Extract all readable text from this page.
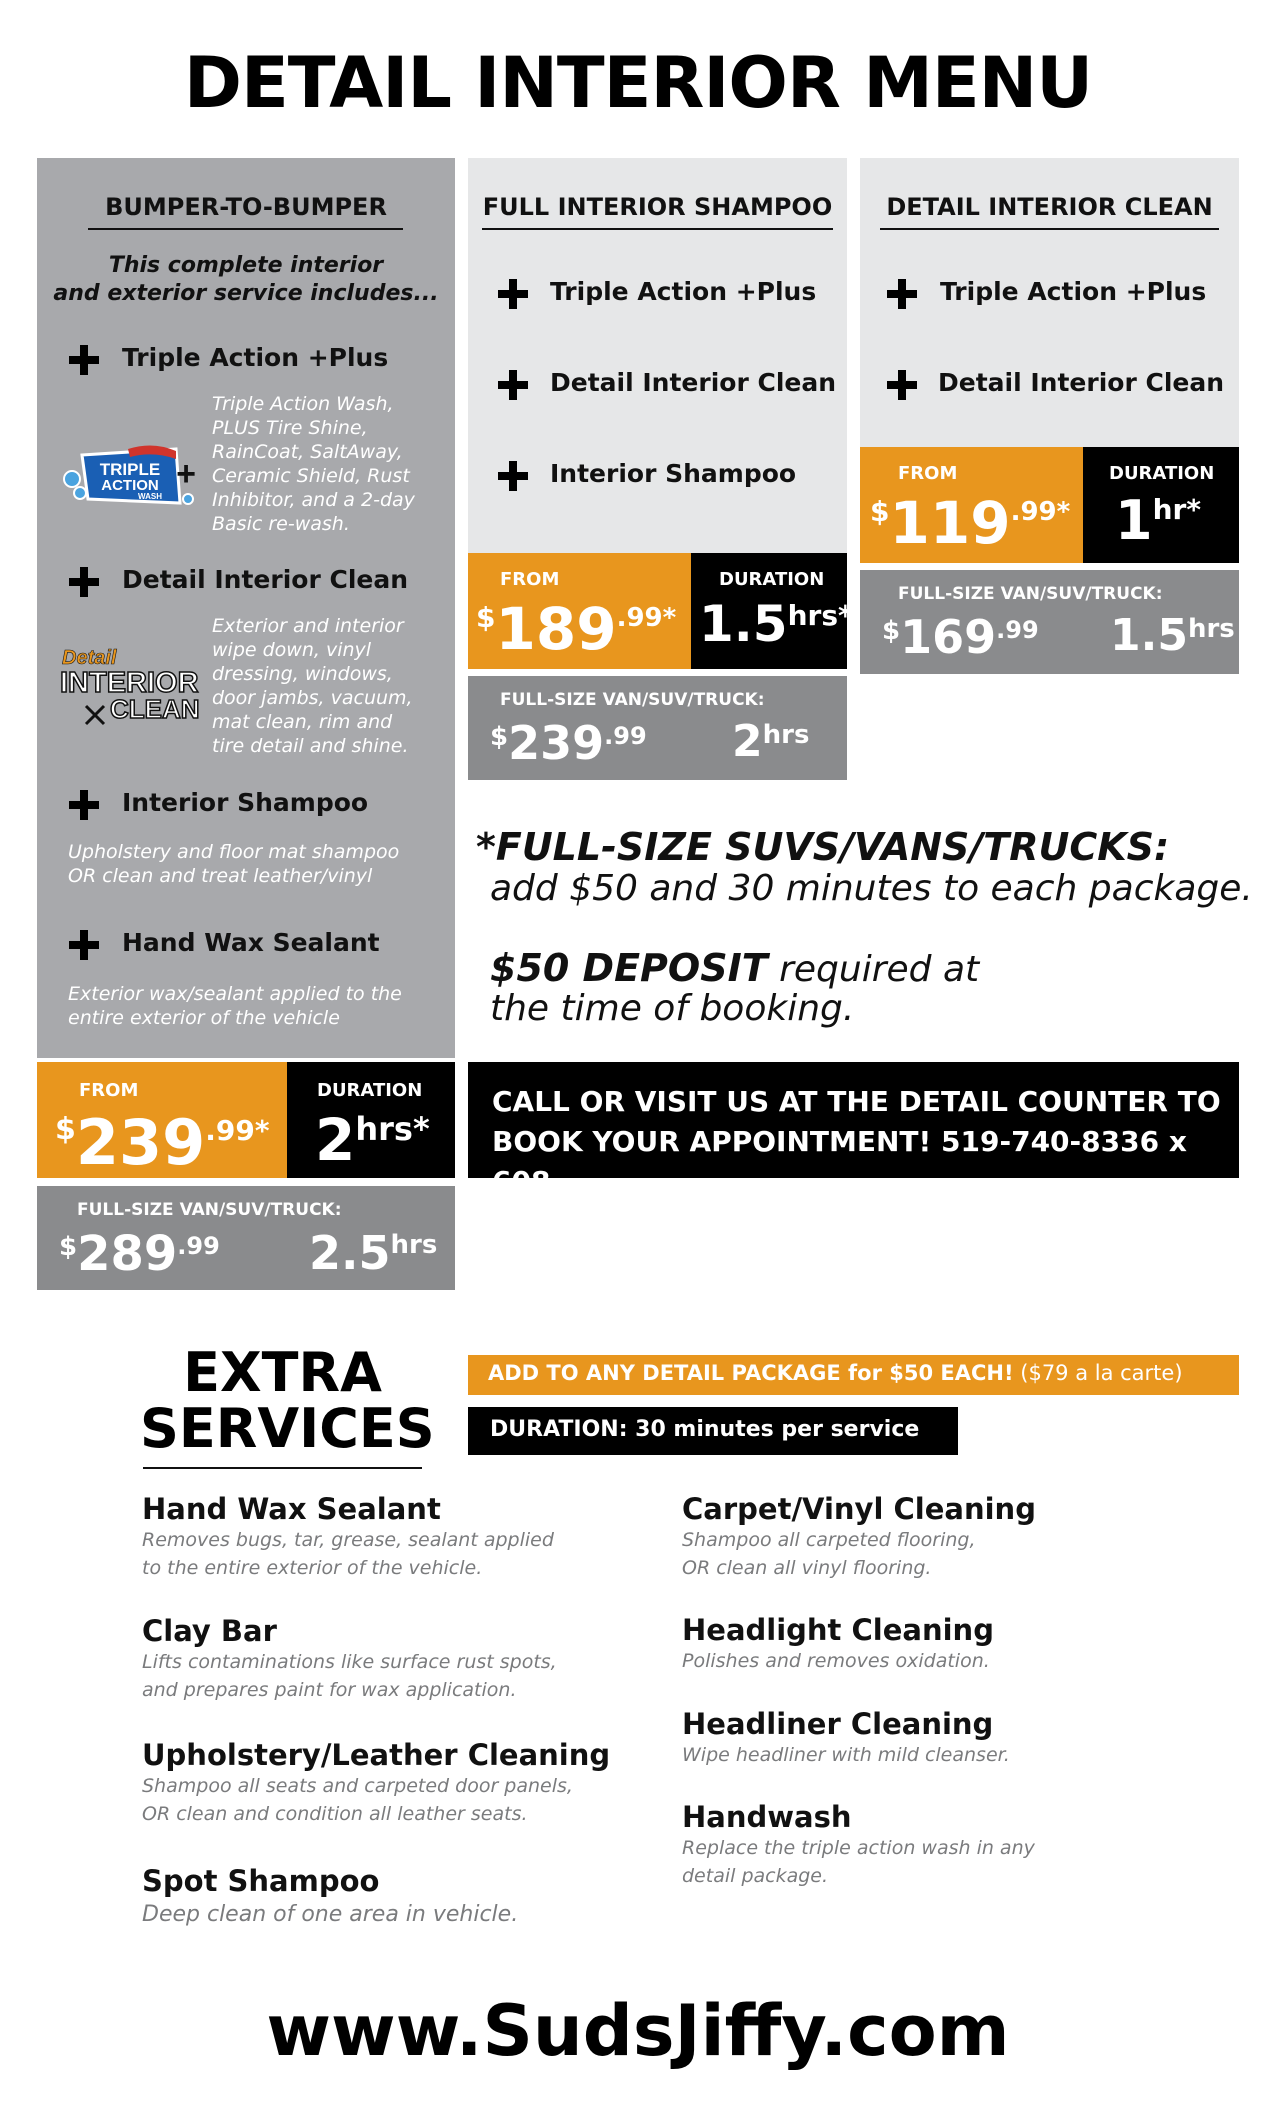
DETAIL INTERIOR MENU
BUMPER-TO-BUMPER
This complete interior
and exterior service includes...
Triple Action +Plus
TRIPLE
ACTION
WASH
+
Triple Action Wash,
PLUS Tire Shine,
RainCoat, SaltAway,
Ceramic Shield, Rust
Inhibitor, and a 2-day
Basic re-wash.
Detail Interior Clean
Detail
INTERIOR
CLEAN
Exterior and interior
wipe down, vinyl
dressing, windows,
door jambs, vacuum,
mat clean, rim and
tire detail and shine.
Interior Shampoo
Upholstery and floor mat shampoo
OR clean and treat leather/vinyl
Hand Wax Sealant
Exterior wax/sealant applied to the
entire exterior of the vehicle
FROM
$239.99*
DURATION
2hrs*
FULL-SIZE VAN/SUV/TRUCK:
$289.99 2.5hrs
FULL INTERIOR SHAMPOO
Triple Action +Plus
Detail Interior Clean
Interior Shampoo
FROM
$189.99*
DURATION
1.5hrs*
FULL-SIZE VAN/SUV/TRUCK:
$239.99 2hrs
DETAIL INTERIOR CLEAN
Triple Action +Plus
Detail Interior Clean
FROM
$119.99*
DURATION
1hr*
FULL-SIZE VAN/SUV/TRUCK:
$169.99 1.5hrs
*FULL-SIZE SUVS/VANS/TRUCKS:
add $50 and 30 minutes to each package.
$50 DEPOSIT required at
the time of booking.
CALL OR VISIT US AT THE DETAIL COUNTER TO
BOOK YOUR APPOINTMENT! 519-740-8336 x 608
EXTRA
SERVICES
ADD TO ANY DETAIL PACKAGE for $50 EACH! ($79 a la carte)
DURATION: 30 minutes per service
Hand Wax Sealant
Removes bugs, tar, grease, sealant applied
to the entire exterior of the vehicle.
Clay Bar
Lifts contaminations like surface rust spots,
and prepares paint for wax application.
Upholstery/Leather Cleaning
Shampoo all seats and carpeted door panels,
OR clean and condition all leather seats.
Spot Shampoo
Deep clean of one area in vehicle.
Carpet/Vinyl Cleaning
Shampoo all carpeted flooring,
OR clean all vinyl flooring.
Headlight Cleaning
Polishes and removes oxidation.
Headliner Cleaning
Wipe headliner with mild cleanser.
Handwash
Replace the triple action wash in any
detail package.
www.SudsJiffy.com
